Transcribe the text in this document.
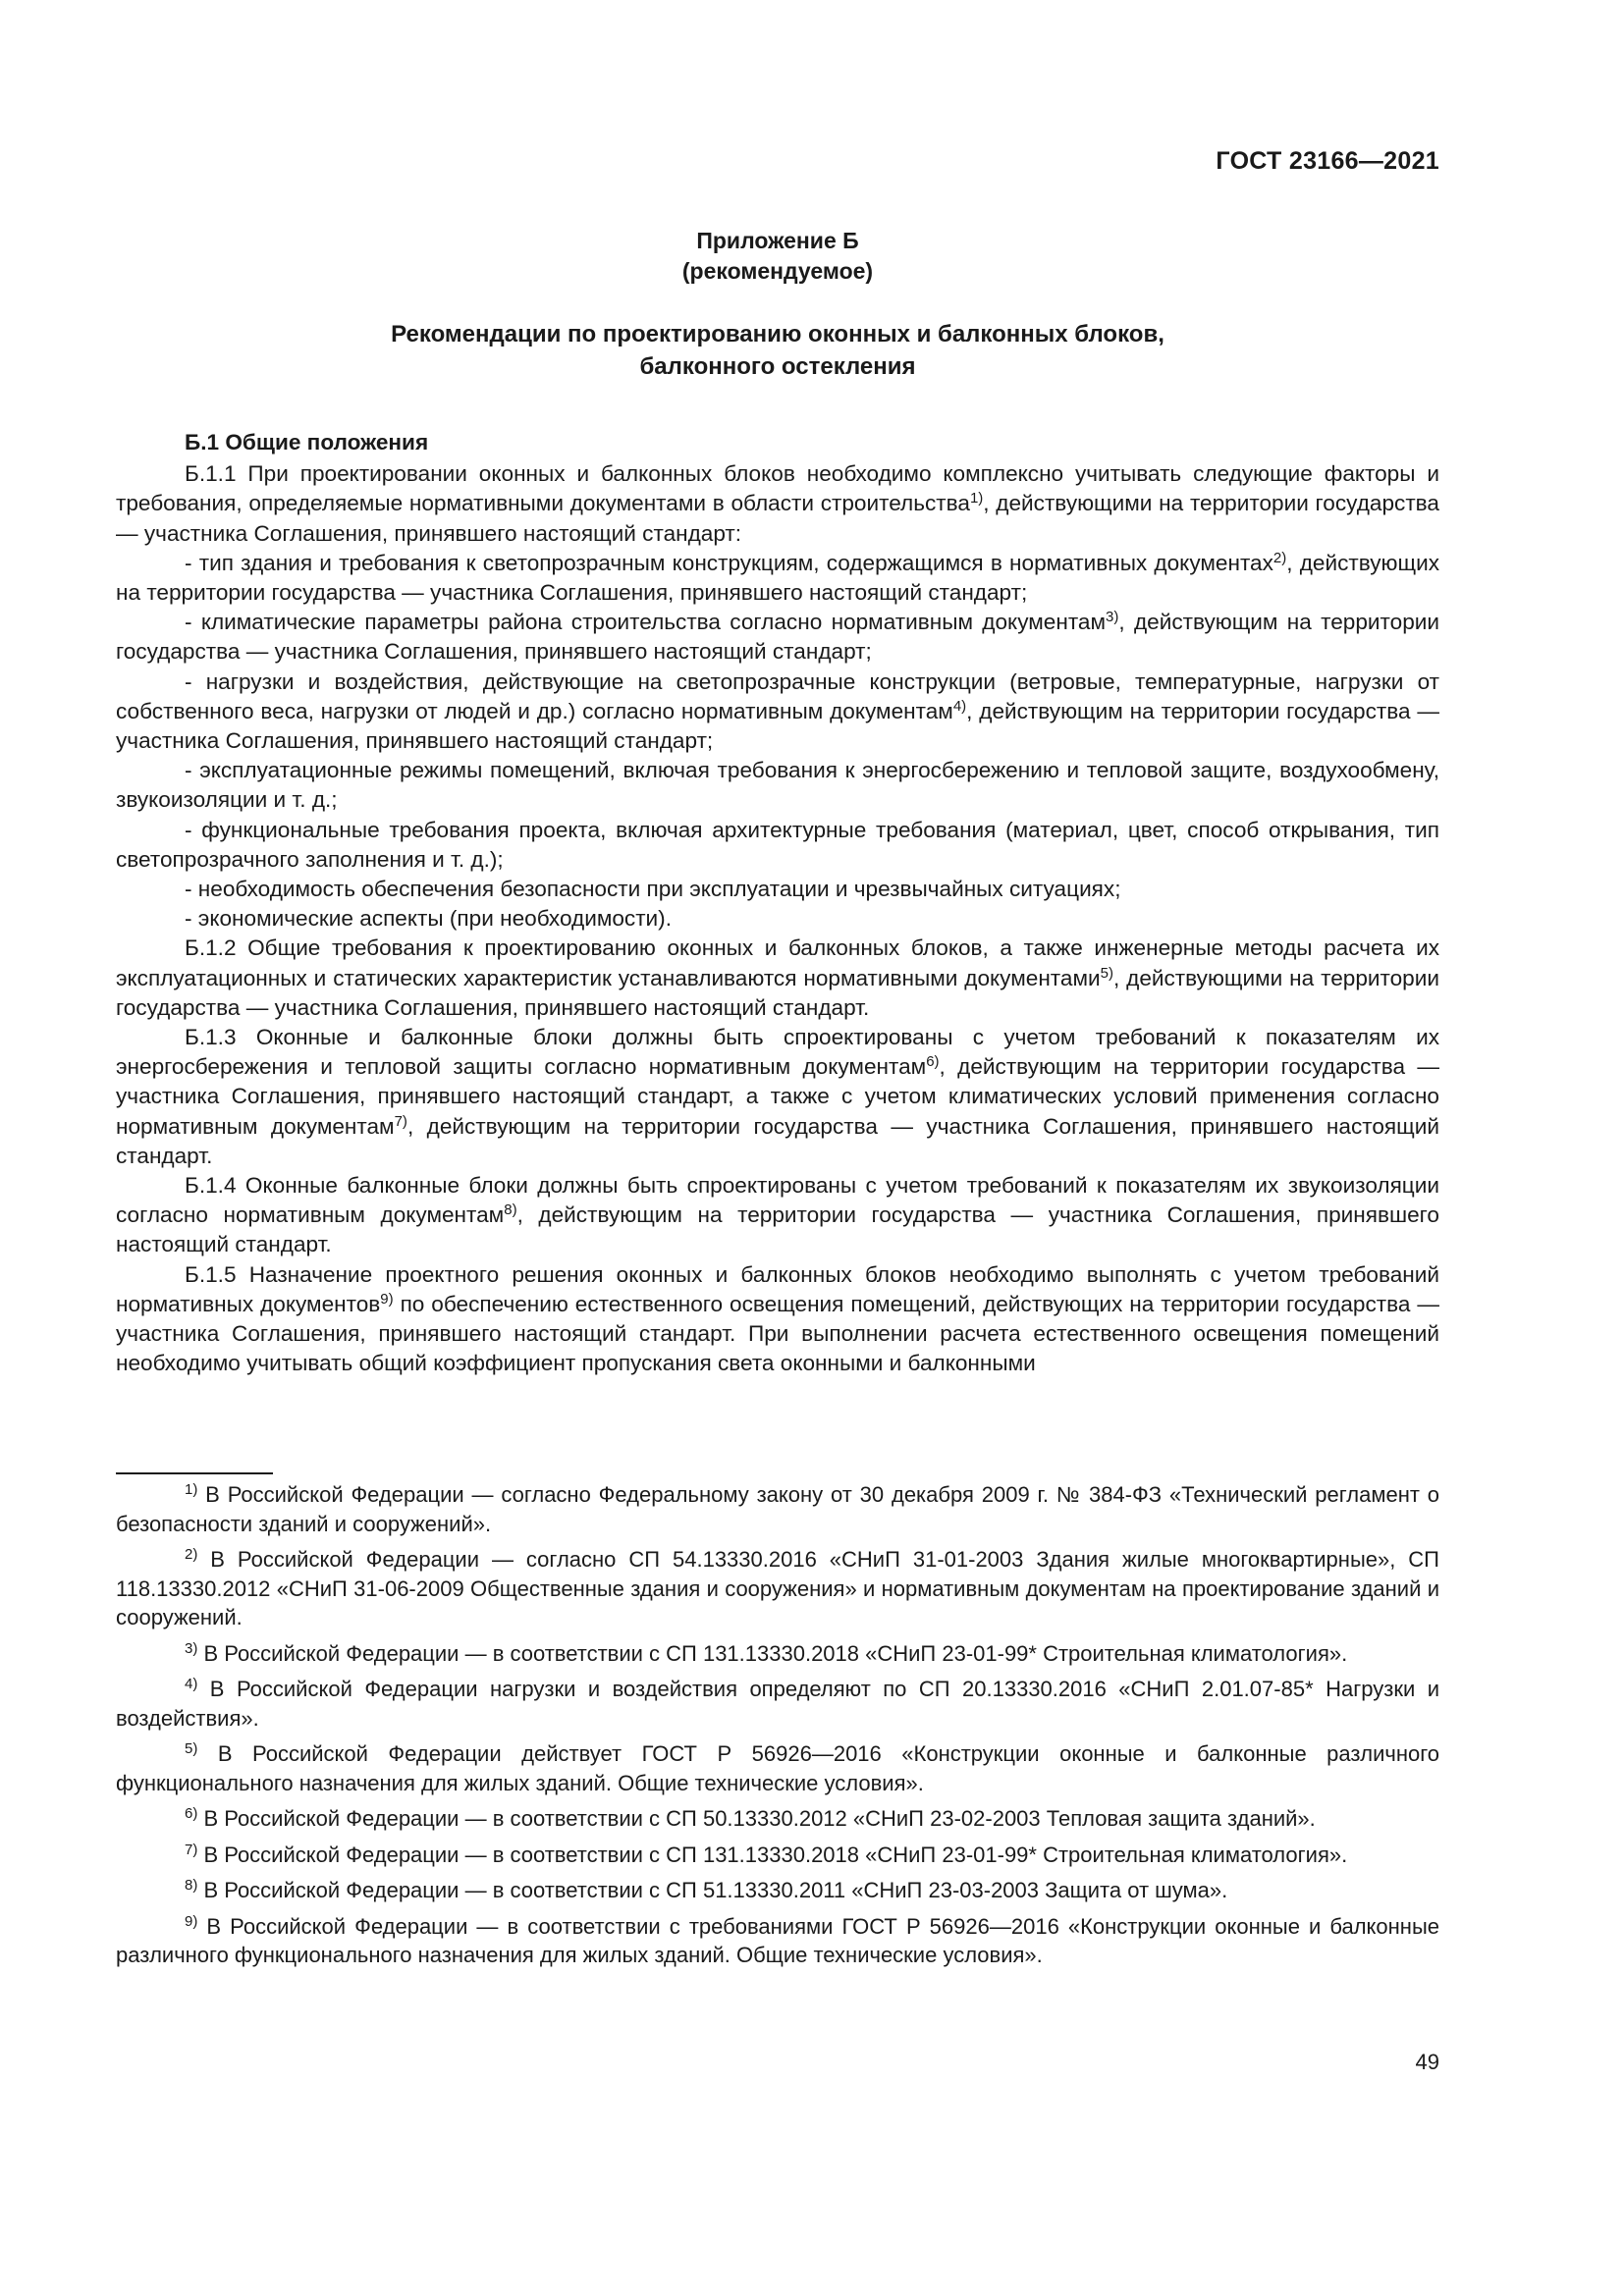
ГОСТ 23166—2021
Приложение Б
(рекомендуемое)
Рекомендации по проектированию оконных и балконных блоков,
балконного остекления

Б.1 Общие положения

Б.1.1 При проектировании оконных и балконных блоков необходимо комплексно учитывать следующие факторы и требования, определяемые нормативными документами в области строительства$^{1)}$, действующими на территории государства — участника Соглашения, принявшего настоящий стандарт:

- тип здания и требования к светопрозрачным конструкциям, содержащимся в нормативных документах$^{2)}$, действующих на территории государства — участника Соглашения, принявшего настоящий стандарт;

- климатические параметры района строительства согласно нормативным документам$^{3)}$, действующим на территории государства — участника Соглашения, принявшего настоящий стандарт;

- нагрузки и воздействия, действующие на светопрозрачные конструкции (ветровые, температурные, нагрузки от собственного веса, нагрузки от людей и др.) согласно нормативным документам$^{4)}$, действующим на территории государства — участника Соглашения, принявшего настоящий стандарт;

- эксплуатационные режимы помещений, включая требования к энергосбережению и тепловой защите, воздухообмену, звукоизоляции и т. д.;

- функциональные требования проекта, включая архитектурные требования (материал, цвет, способ открывания, тип светопрозрачного заполнения и т. д.);

- необходимость обеспечения безопасности при эксплуатации и чрезвычайных ситуациях;

- экономические аспекты (при необходимости).

Б.1.2 Общие требования к проектированию оконных и балконных блоков, а также инженерные методы расчета их эксплуатационных и статических характеристик устанавливаются нормативными документами$^{5)}$, действующими на территории государства — участника Соглашения, принявшего настоящий стандарт.

Б.1.3 Оконные и балконные блоки должны быть спроектированы с учетом требований к показателям их энергосбережения и тепловой защиты согласно нормативным документам$^{6)}$, действующим на территории государства — участника Соглашения, принявшего настоящий стандарт, а также с учетом климатических условий применения согласно нормативным документам$^{7)}$, действующим на территории государства — участника Соглашения, принявшего настоящий стандарт.

Б.1.4 Оконные балконные блоки должны быть спроектированы с учетом требований к показателям их звукоизоляции согласно нормативным документам$^{8)}$, действующим на территории государства — участника Соглашения, принявшего настоящий стандарт.

Б.1.5 Назначение проектного решения оконных и балконных блоков необходимо выполнять с учетом требований нормативных документов$^{9)}$ по обеспечению естественного освещения помещений, действующих на территории государства — участника Соглашения, принявшего настоящий стандарт. При выполнении расчета естественного освещения помещений необходимо учитывать общий коэффициент пропускания света оконными и балконными

$^{1)}$ В Российской Федерации — согласно Федеральному закону от 30 декабря 2009 г. № 384-ФЗ «Технический регламент о безопасности зданий и сооружений».

$^{2)}$ В Российской Федерации — согласно СП 54.13330.2016 «СНиП 31-01-2003 Здания жилые многоквартирные», СП 118.13330.2012 «СНиП 31-06-2009 Общественные здания и сооружения» и нормативным документам на проектирование зданий и сооружений.

$^{3)}$ В Российской Федерации — в соответствии с СП 131.13330.2018 «СНиП 23-01-99* Строительная климатология».

$^{4)}$ В Российской Федерации нагрузки и воздействия определяют по СП 20.13330.2016 «СНиП 2.01.07-85* Нагрузки и воздействия».

$^{5)}$ В Российской Федерации действует ГОСТ Р 56926—2016 «Конструкции оконные и балконные различного функционального назначения для жилых зданий. Общие технические условия».

$^{6)}$ В Российской Федерации — в соответствии с СП 50.13330.2012 «СНиП 23-02-2003 Тепловая защита зданий».

$^{7)}$ В Российской Федерации — в соответствии с СП 131.13330.2018 «СНиП 23-01-99* Строительная климатология».

$^{8)}$ В Российской Федерации — в соответствии с СП 51.13330.2011 «СНиП 23-03-2003 Защита от шума».

$^{9)}$ В Российской Федерации — в соответствии с требованиями ГОСТ Р 56926—2016 «Конструкции оконные и балконные различного функционального назначения для жилых зданий. Общие технические условия».

49
